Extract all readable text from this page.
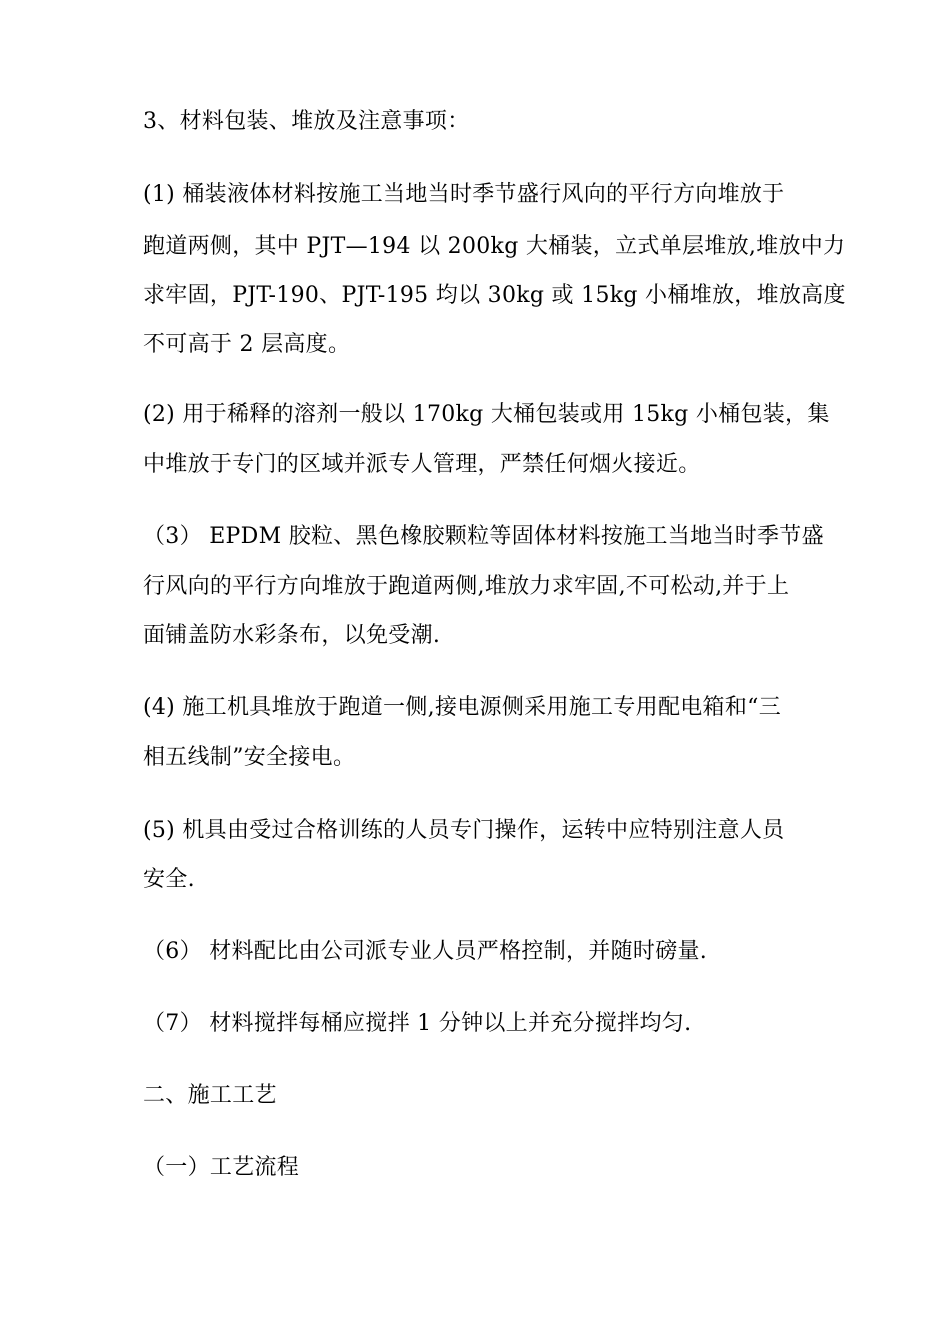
3、材料包装、堆放及注意事项：
(1) 桶装液体材料按施工当地当时季节盛行风向的平行方向堆放于
跑道两侧，其中 PJT—194 以 200kg 大桶装，立式单层堆放,堆放中力
求牢固，PJT-190、PJT-195 均以 30kg 或 15kg 小桶堆放，堆放高度
不可高于 2 层高度。
(2) 用于稀释的溶剂一般以 170kg 大桶包装或用 15kg 小桶包装，集
中堆放于专门的区域并派专人管理，严禁任何烟火接近。
（3） EPDM 胶粒、黑色橡胶颗粒等固体材料按施工当地当时季节盛
行风向的平行方向堆放于跑道两侧,堆放力求牢固,不可松动,并于上
面铺盖防水彩条布，以免受潮.
(4) 施工机具堆放于跑道一侧,接电源侧采用施工专用配电箱和“三
相五线制”安全接电。
(5) 机具由受过合格训练的人员专门操作，运转中应特别注意人员
安全.
（6） 材料配比由公司派专业人员严格控制，并随时磅量.
（7） 材料搅拌每桶应搅拌 1 分钟以上并充分搅拌均匀.
二、施工工艺
（一）工艺流程
